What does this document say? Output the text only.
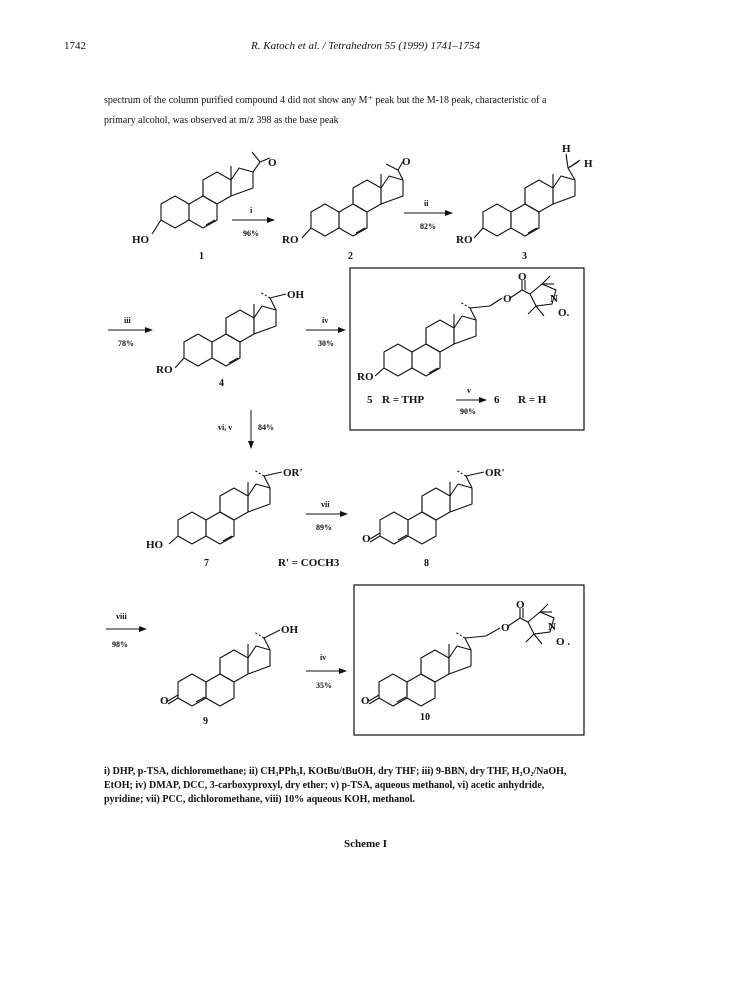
1742	R. Katoch et al. / Tetrahedron 55 (1999) 1741–1754
spectrum of the column purified compound 4 did not show any M⁺ peak but the M-18 peak, characteristic of a
primary alcohol, was observed at m/z 398 as the base peak
O
HO
1
i
96%
O
RO
2
ii
82%
H
H
RO
3
iii
78%
OH
RO
4
iv
30%
O
O	N
O.
RO
5 R = THP
v
90%
6 R = H
vi, v	84%
OR'
HO
7
vii
89%
R' = COCH3
OR'
O
8
viii
98%
OH
O
9
iv
35%
O
O	N
O .
O
10
i) DHP, p-TSA, dichloromethane; ii) CH₃PPh₃I, KOtBu/tBuOH, dry THF; iii) 9-BBN, dry THF, H₂O₂/NaOH,
EtOH; iv) DMAP, DCC, 3-carboxyproxyl, dry ether; v) p-TSA, aqueous methanol, vi) acetic anhydride,
pyridine; vii) PCC, dichloromethane, viii) 10% aqueous KOH, methanol.
Scheme I
